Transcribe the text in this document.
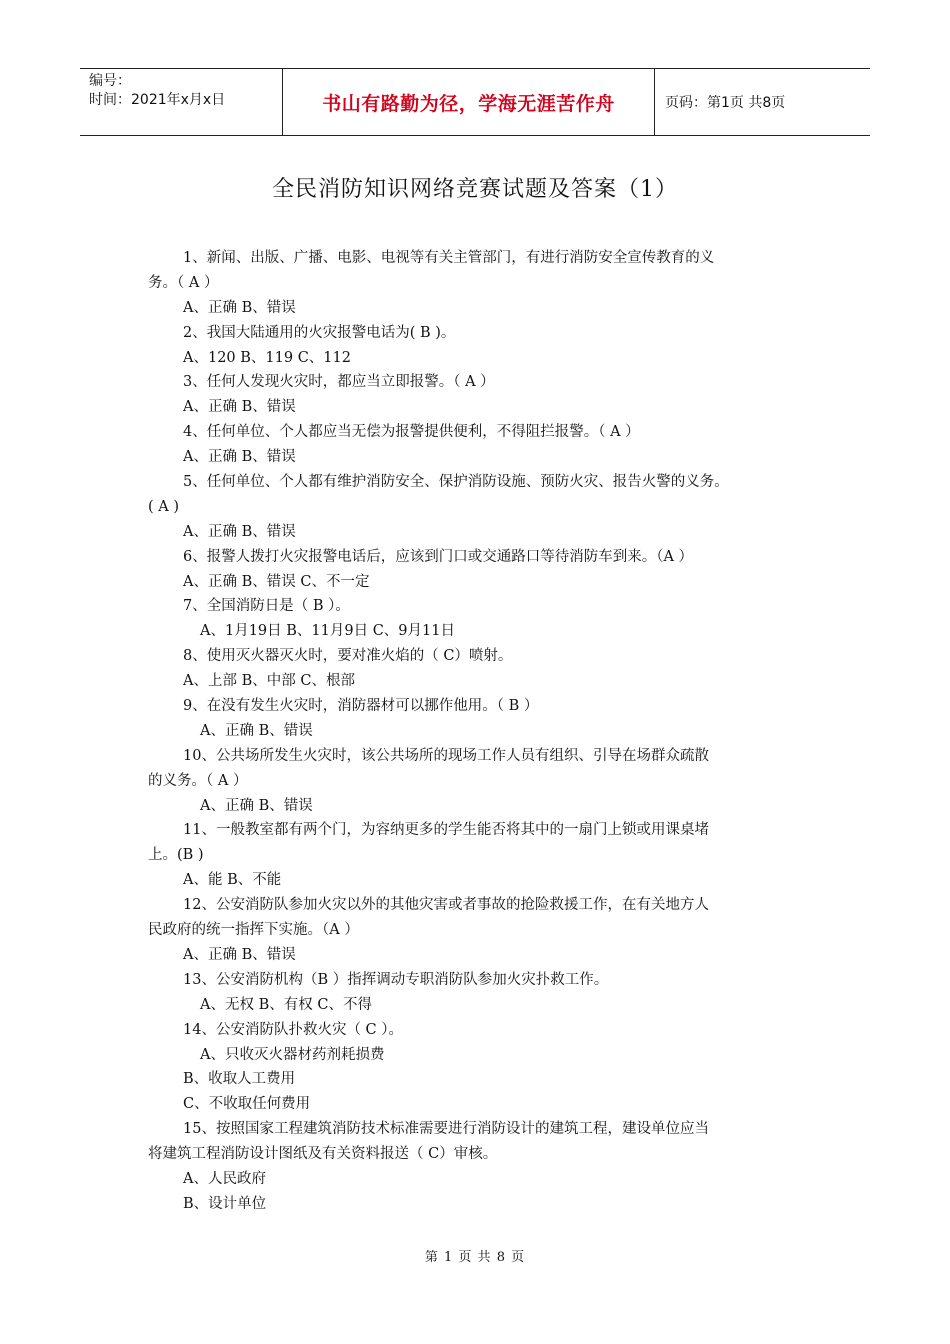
编号：
时间：2021年x月x日	书山有路勤为径，学海无涯苦作舟	页码：第1页 共8页
全民消防知识网络竞赛试题及答案（1）
1、新闻、出版、广播、电影、电视等有关主管部门，有进行消防安全宣传教育的义
务。（ A ）
A、正确 B、错误
2、我国大陆通用的火灾报警电话为( B )。
A、120 B、119 C、112
3、任何人发现火灾时，都应当立即报警。（ A ）
A、正确 B、错误
4、任何单位、个人都应当无偿为报警提供便利，不得阻拦报警。（ A ）
A、正确 B、错误
5、任何单位、个人都有维护消防安全、保护消防设施、预防火灾、报告火警的义务。
( A )
A、正确 B、错误
6、报警人拨打火灾报警电话后，应该到门口或交通路口等待消防车到来。（A ）
A、正确 B、错误 C、不一定
7、全国消防日是（ B ）。
A、1月19日 B、11月9日 C、9月11日
8、使用灭火器灭火时，要对准火焰的（ C）喷射。
A、上部 B、中部 C、根部
9、在没有发生火灾时，消防器材可以挪作他用。（ B ）
A、正确 B、错误
10、公共场所发生火灾时，该公共场所的现场工作人员有组织、引导在场群众疏散
的义务。（ A ）
A、正确 B、错误
11、一般教室都有两个门，为容纳更多的学生能否将其中的一扇门上锁或用课桌堵
上。(B )
A、能 B、不能
12、公安消防队参加火灾以外的其他灾害或者事故的抢险救援工作，在有关地方人
民政府的统一指挥下实施。（A ）
A、正确 B、错误
13、公安消防机构（B ）指挥调动专职消防队参加火灾扑救工作。
A、无权 B、有权 C、不得
14、公安消防队扑救火灾（ C ）。
A、只收灭火器材药剂耗损费
B、收取人工费用
C、不收取任何费用
15、按照国家工程建筑消防技术标准需要进行消防设计的建筑工程，建设单位应当
将建筑工程消防设计图纸及有关资料报送（ C）审核。
A、人民政府
B、设计单位
第 1 页 共 8 页
